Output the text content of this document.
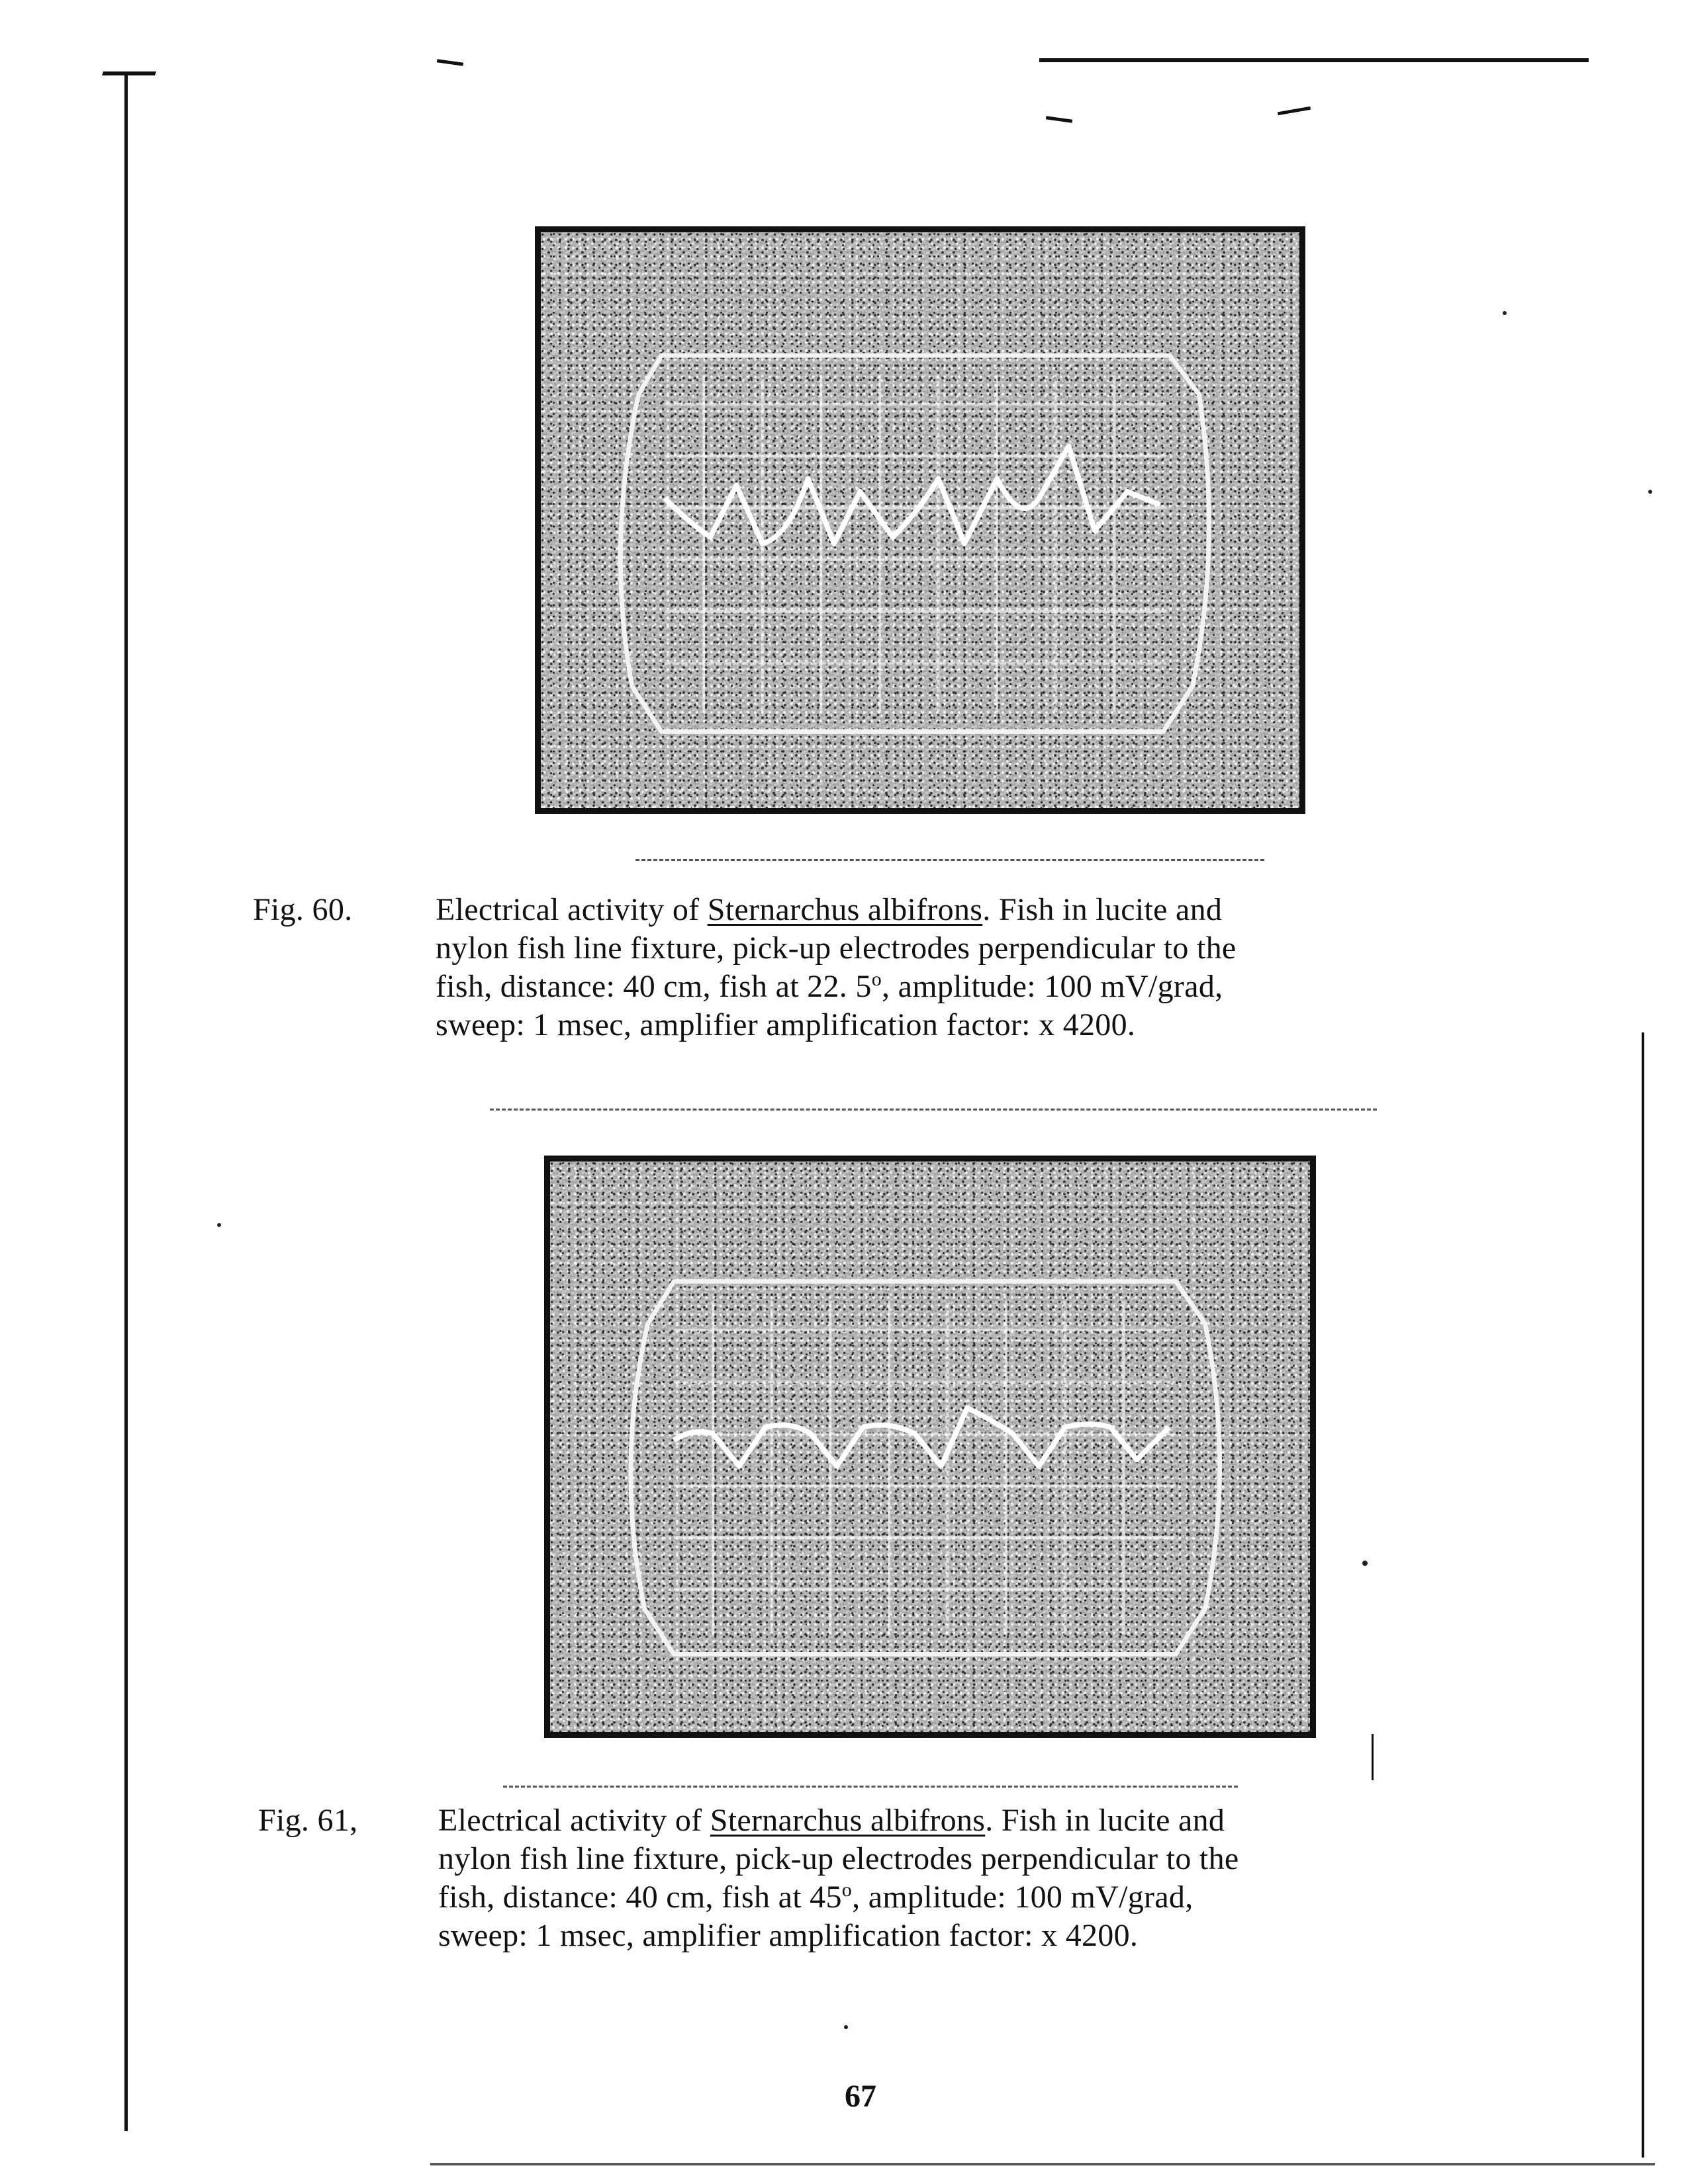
Fig. 60.	Electrical activity of Sternarchus albifrons. Fish in lucite and
nylon fish line fixture, pick-up electrodes perpendicular to the
fish, distance: 40 cm, fish at 22. 5$^o$, amplitude: 100 mV/grad,
sweep: 1 msec, amplifier amplification factor: x 4200.
Fig. 61,	Electrical activity of Sternarchus albifrons. Fish in lucite and
nylon fish line fixture, pick-up electrodes perpendicular to the
fish, distance: 40 cm, fish at 45$^o$, amplitude: 100 mV/grad,
sweep: 1 msec, amplifier amplification factor: x 4200.
67
